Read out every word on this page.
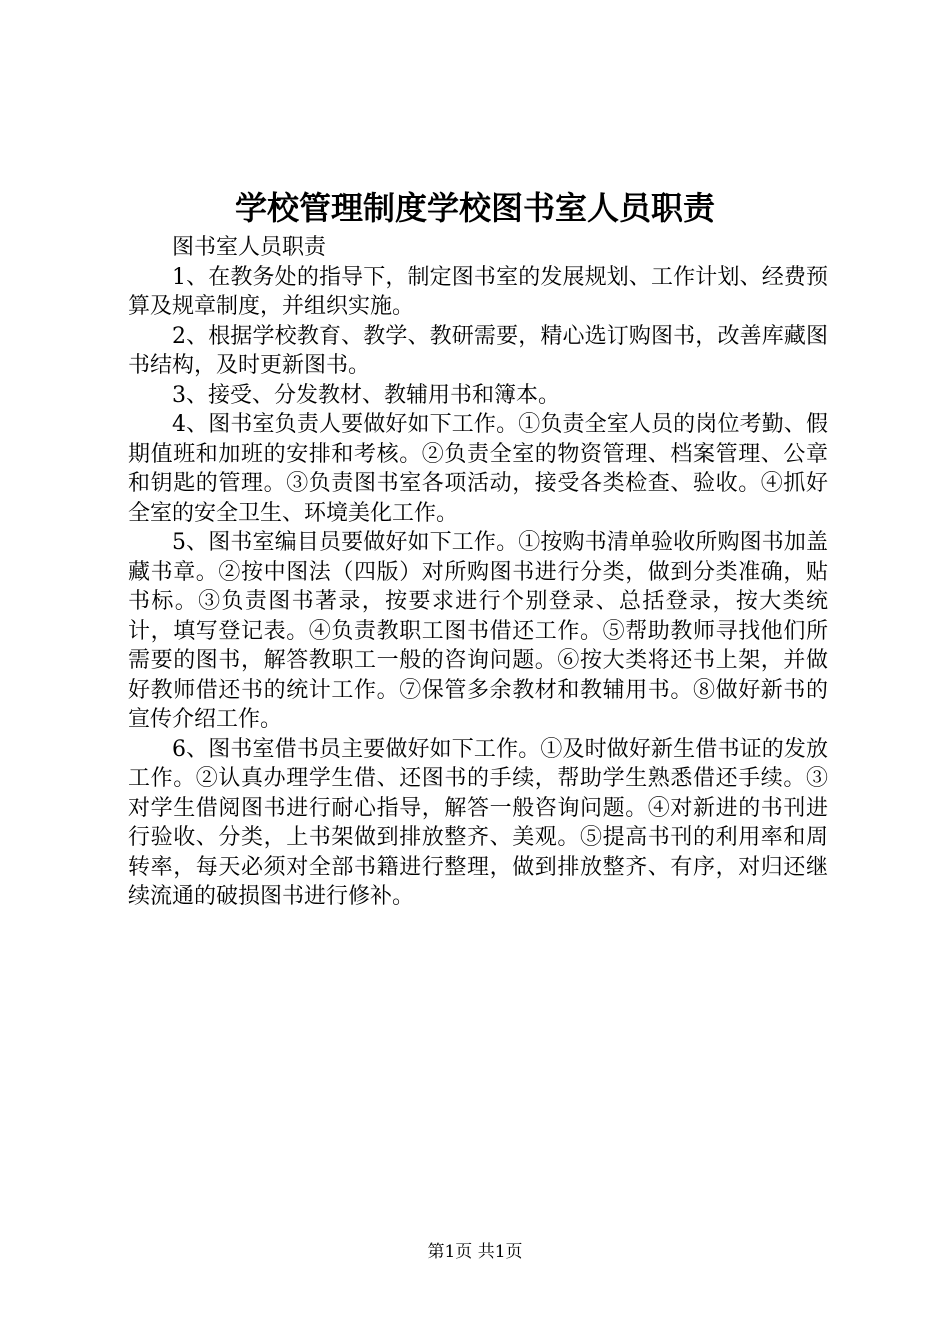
学校管理制度学校图书室人员职责

图书室人员职责

1、在教务处的指导下，制定图书室的发展规划、工作计划、经费预算及规章制度，并组织实施。

2、根据学校教育、教学、教研需要，精心选订购图书，改善库藏图书结构，及时更新图书。

3、接受、分发教材、教辅用书和簿本。

4、图书室负责人要做好如下工作。①负责全室人员的岗位考勤、假期值班和加班的安排和考核。②负责全室的物资管理、档案管理、公章和钥匙的管理。③负责图书室各项活动，接受各类检查、验收。④抓好全室的安全卫生、环境美化工作。

5、图书室编目员要做好如下工作。①按购书清单验收所购图书加盖藏书章。②按中图法（四版）对所购图书进行分类，做到分类准确，贴书标。③负责图书著录，按要求进行个别登录、总括登录，按大类统计，填写登记表。④负责教职工图书借还工作。⑤帮助教师寻找他们所需要的图书，解答教职工一般的咨询问题。⑥按大类将还书上架，并做好教师借还书的统计工作。⑦保管多余教材和教辅用书。⑧做好新书的宣传介绍工作。

6、图书室借书员主要做好如下工作。①及时做好新生借书证的发放工作。②认真办理学生借、还图书的手续，帮助学生熟悉借还手续。③对学生借阅图书进行耐心指导，解答一般咨询问题。④对新进的书刊进行验收、分类，上书架做到排放整齐、美观。⑤提高书刊的利用率和周转率，每天必须对全部书籍进行整理，做到排放整齐、有序，对归还继续流通的破损图书进行修补。

第1页 共1页
